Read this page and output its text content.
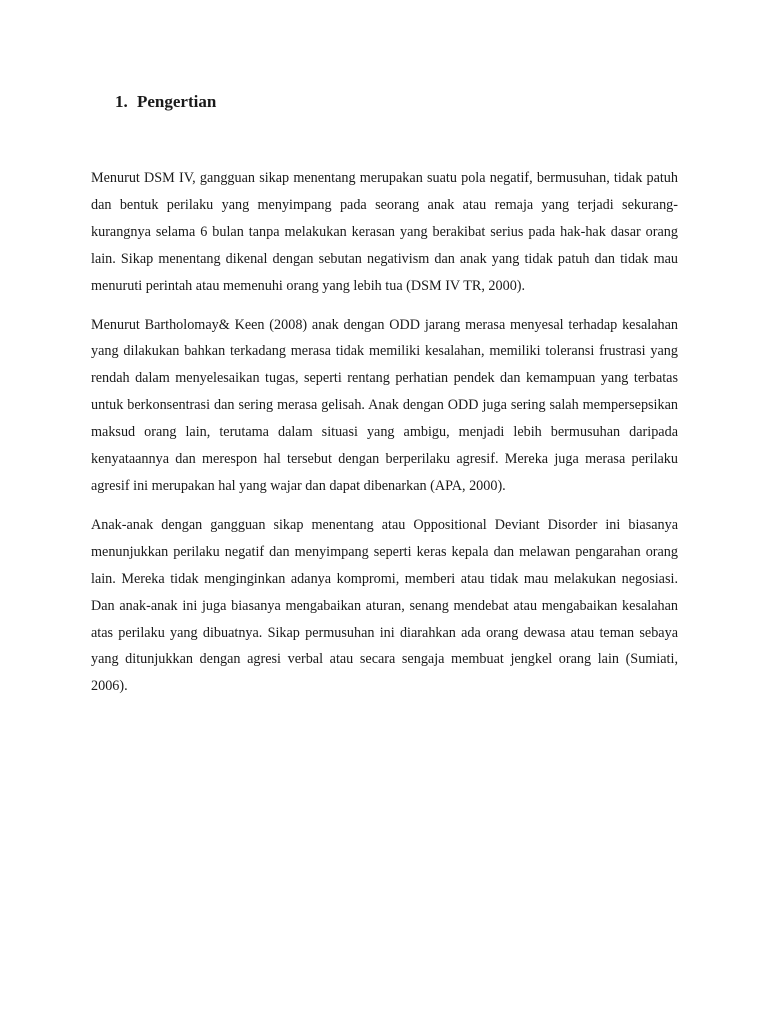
1. Pengertian

Menurut DSM IV, gangguan sikap menentang merupakan suatu pola negatif, bermusuhan, tidak patuh dan bentuk perilaku yang menyimpang pada seorang anak atau remaja yang terjadi sekurang-kurangnya selama 6 bulan tanpa melakukan kerasan yang berakibat serius pada hak-hak dasar orang lain. Sikap menentang dikenal dengan sebutan negativism dan anak yang tidak patuh dan tidak mau menuruti perintah atau memenuhi orang yang lebih tua (DSM IV TR, 2000).

Menurut Bartholomay& Keen (2008) anak dengan ODD jarang merasa menyesal terhadap kesalahan yang dilakukan bahkan terkadang merasa tidak memiliki kesalahan, memiliki toleransi frustrasi yang rendah dalam menyelesaikan tugas, seperti rentang perhatian pendek dan kemampuan yang terbatas untuk berkonsentrasi dan sering merasa gelisah. Anak dengan ODD juga sering salah mempersepsikan maksud orang lain, terutama dalam situasi yang ambigu, menjadi lebih bermusuhan daripada kenyataannya dan merespon hal tersebut dengan berperilaku agresif. Mereka juga merasa perilaku agresif ini merupakan hal yang wajar dan dapat dibenarkan (APA, 2000).

Anak-anak dengan gangguan sikap menentang atau Oppositional Deviant Disorder ini biasanya menunjukkan perilaku negatif dan menyimpang seperti keras kepala dan melawan pengarahan orang lain. Mereka tidak menginginkan adanya kompromi, memberi atau tidak mau melakukan negosiasi. Dan anak-anak ini juga biasanya mengabaikan aturan, senang mendebat atau mengabaikan kesalahan atas perilaku yang dibuatnya. Sikap permusuhan ini diarahkan ada orang dewasa atau teman sebaya yang ditunjukkan dengan agresi verbal atau secara sengaja membuat jengkel orang lain (Sumiati, 2006).
